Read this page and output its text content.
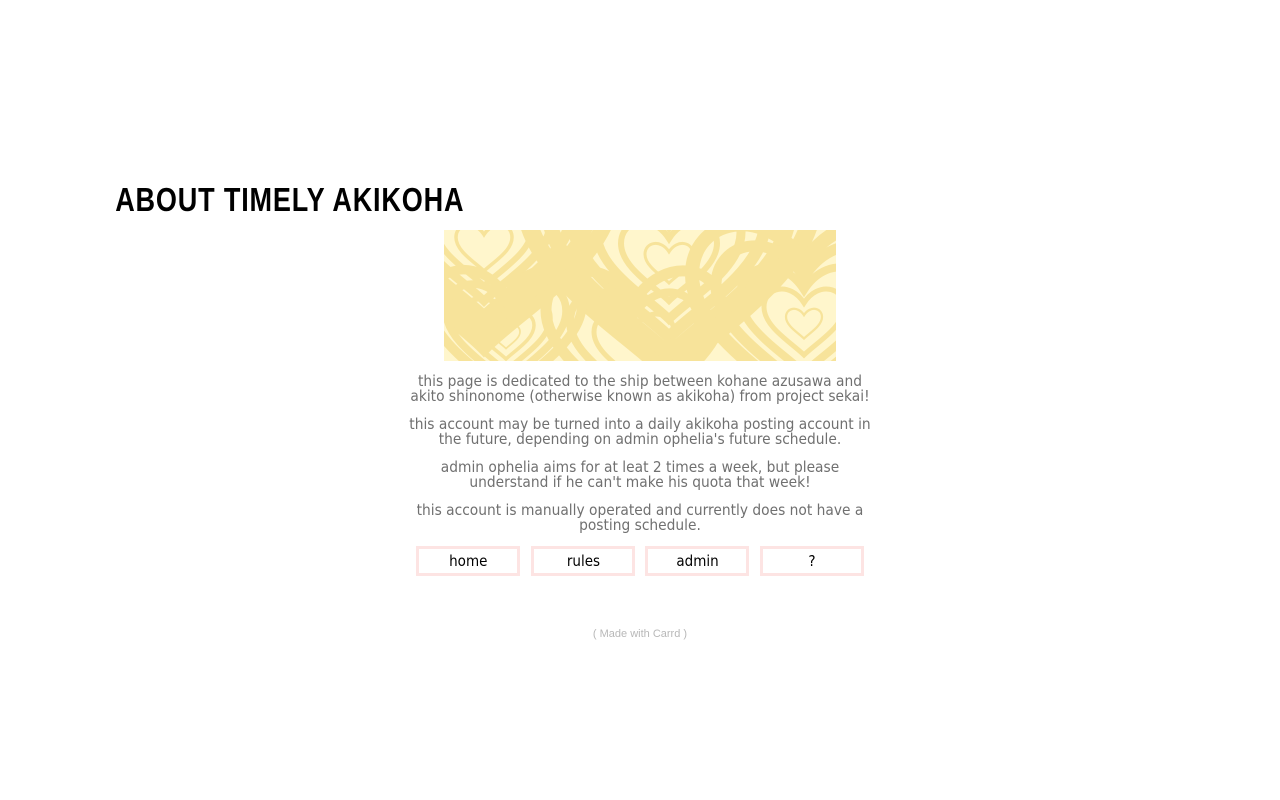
ABOUT TIMELY AKIKOHA

this page is dedicated to the ship between kohane azusawa and akito shinonome (otherwise known as akikoha) from project sekai!

this account may be turned into a daily akikoha posting account in the future, depending on admin ophelia's future schedule.

admin ophelia aims for at leat 2 times a week, but please understand if he can't make his quota that week!

this account is manually operated and currently does not have a posting schedule.

home	rules	admin	?
( Made with Carrd )
